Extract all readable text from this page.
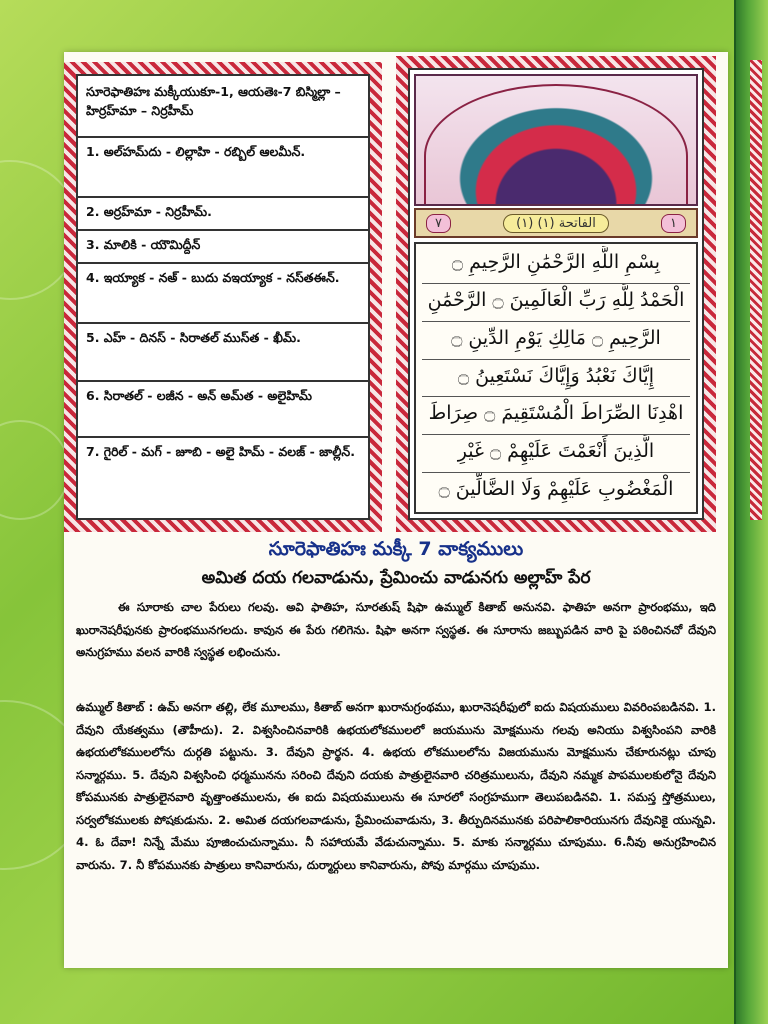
సూరెఫాతిహః మక్కీయుకూ-1, ఆయతెః-7 బిస్మిల్లా – హిర్రహ్‌మా – నిర్రహీమ్
1. అల్‌హమ్‌దు - లిల్లాహి - రబ్బిల్ ఆలమీన్.
2. అర్రహ్‌మా - నిర్రహీమ్.
3. మాలికి - యౌమిద్దీన్
4. ఇయ్యాక - నఅ్ - బుదు వఇయ్యాక - నస్‌తఈన్.
5. ఎహ్ - దినస్ - సిరాతల్ ముస్‌త - ఖీమ్.
6. సిరాతల్ - లజీన - అన్ అమ్‌త - అలైహిమ్
7. గైరిల్ - మగ్ - జూబి - అలై హిమ్ - వలజ్ - జాల్లీన్.
٧	(١) الفاتحة (١)	١
بِسْمِ اللَّهِ الرَّحْمَٰنِ الرَّحِيمِ ۝
الْحَمْدُ لِلَّهِ رَبِّ الْعَالَمِينَ ۝ الرَّحْمَٰنِ
الرَّحِيمِ ۝ مَالِكِ يَوْمِ الدِّينِ ۝
إِيَّاكَ نَعْبُدُ وَإِيَّاكَ نَسْتَعِينُ ۝
اهْدِنَا الصِّرَاطَ الْمُسْتَقِيمَ ۝ صِرَاطَ
الَّذِينَ أَنْعَمْتَ عَلَيْهِمْ ۝ غَيْرِ
الْمَغْضُوبِ عَلَيْهِمْ وَلَا الضَّالِّينَ ۝
సూరెఫాతిహః మక్కీ 7 వాక్యములు
అమిత దయ గలవాడును, ప్రేమించు వాడునగు అల్లాహ్ పేర
ఈ సూరాకు చాల పేరులు గలవు. అవి ఫాతిహ, సూరతుష్ షిఫా ఉమ్ముల్ కితాబ్ అనునవి. ఫాతిహ అనగా ప్రారంభము, ఇది ఖురానెషరీఫునకు ప్రారంభమునగలదు. కావున ఈ పేరు గలిగెను. షిఫా అనగా స్వస్థత. ఈ సూరాను జబ్బుపడిన వారి పై పఠించినచో దేవుని అనుగ్రహము వలన వారికి స్వస్థత లభించును.
ఉమ్ముల్ కితాబ్ : ఉమ్ అనగా తల్లి, లేక మూలము, కితాబ్ అనగా ఖురానుగ్రంథము, ఖురానెషరీఫులో ఐదు విషయములు వివరింపబడినవి. 1. దేవుని యేకత్వము (తౌహీదు). 2. విశ్వసించినవారికి ఉభయలోకములలో జయమును మోక్షమును గలవు అనియు విశ్వసింపని వారికి ఉభయలోకములలోను దుర్గతి పట్టును. 3. దేవుని ప్రార్థన. 4. ఉభయ లోకములలోను విజయమును మోక్షమును చేకూరునట్లు చూపు సన్మార్గము. 5. దేవుని విశ్వసించి ధర్మమునను సరించి దేవుని దయకు పాత్రులైనవారి చరిత్రములును, దేవుని నమ్మక పాపములకులోనై దేవుని కోపమునకు పాత్రులైనవారి వృత్తాంతములను, ఈ ఐదు విషయములును ఈ సూరలో సంగ్రహముగా తెలుపబడినవి. 1. సమస్త స్తోత్రములు, సర్వలోకములకు పోషకుడును. 2. అమిత దయగలవాడును, ప్రేమించువాడును, 3. తీర్పుదినమునకు పరిపాలికారియునగు దేవునికై యున్నవి. 4. ఓ దేవా! నిన్నే మేము పూజించుచున్నాము. నీ సహాయమే వేడుచున్నాము. 5. మాకు సన్మార్గము చూపుము. 6.నీవు అనుగ్రహించిన వారును. 7. నీ కోపమునకు పాత్రులు కానివారును, దుర్మార్గులు కానివారును, పోవు మార్గము చూపుము.
